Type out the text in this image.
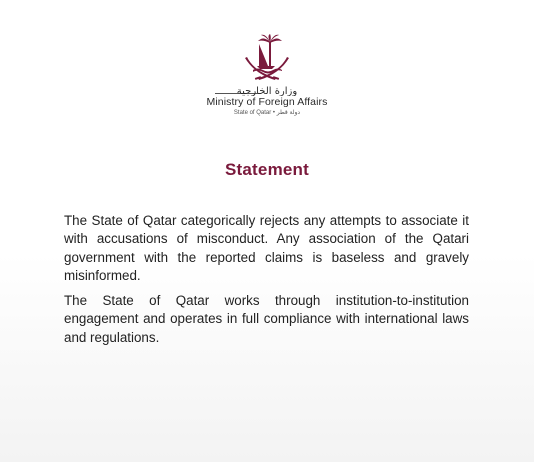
وزارة الخارجية
Ministry of Foreign Affairs
State of Qatar • دولة قطر
Statement

The State of Qatar categorically rejects any attempts to associate it with accusations of misconduct. Any association of the Qatari government with the reported claims is baseless and gravely misinformed.

The State of Qatar works through institution-to-institution engagement and operates in full compliance with international laws and regulations.
